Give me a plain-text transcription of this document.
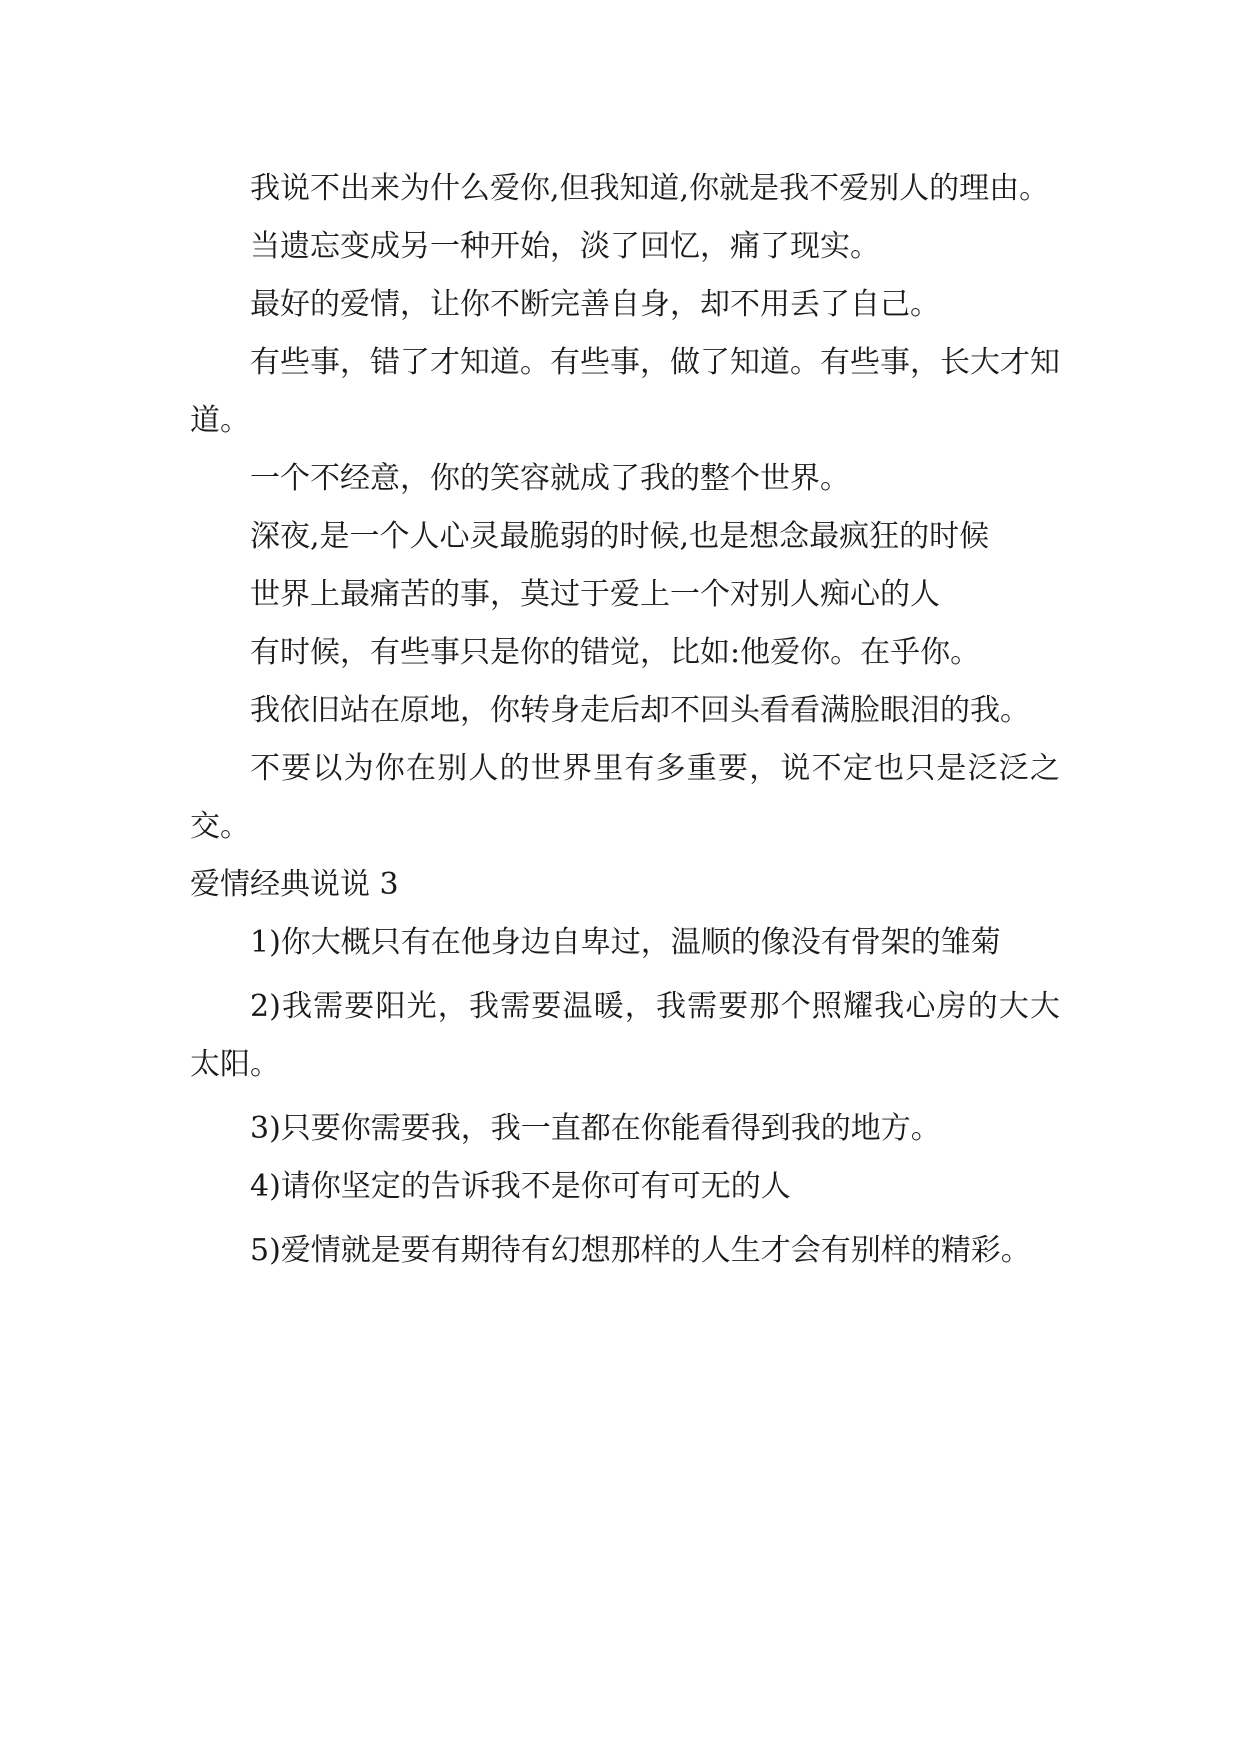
我说不出来为什么爱你,但我知道,你就是我不爱别人的理由。

当遗忘变成另一种开始，淡了回忆，痛了现实。

最好的爱情，让你不断完善自身，却不用丢了自己。

有些事，错了才知道。有些事，做了知道。有些事，长大才知道。

一个不经意，你的笑容就成了我的整个世界。

深夜,是一个人心灵最脆弱的时候,也是想念最疯狂的时候

世界上最痛苦的事，莫过于爱上一个对别人痴心的人

有时候，有些事只是你的错觉，比如:他爱你。在乎你。

我依旧站在原地，你转身走后却不回头看看满脸眼泪的我。

不要以为你在别人的世界里有多重要，说不定也只是泛泛之交。

爱情经典说说 3

1)你大概只有在他身边自卑过，温顺的像没有骨架的雏菊

2)我需要阳光，我需要温暖，我需要那个照耀我心房的大大太阳。

3)只要你需要我，我一直都在你能看得到我的地方。

4)请你坚定的告诉我不是你可有可无的人

5)爱情就是要有期待有幻想那样的人生才会有别样的精彩。
